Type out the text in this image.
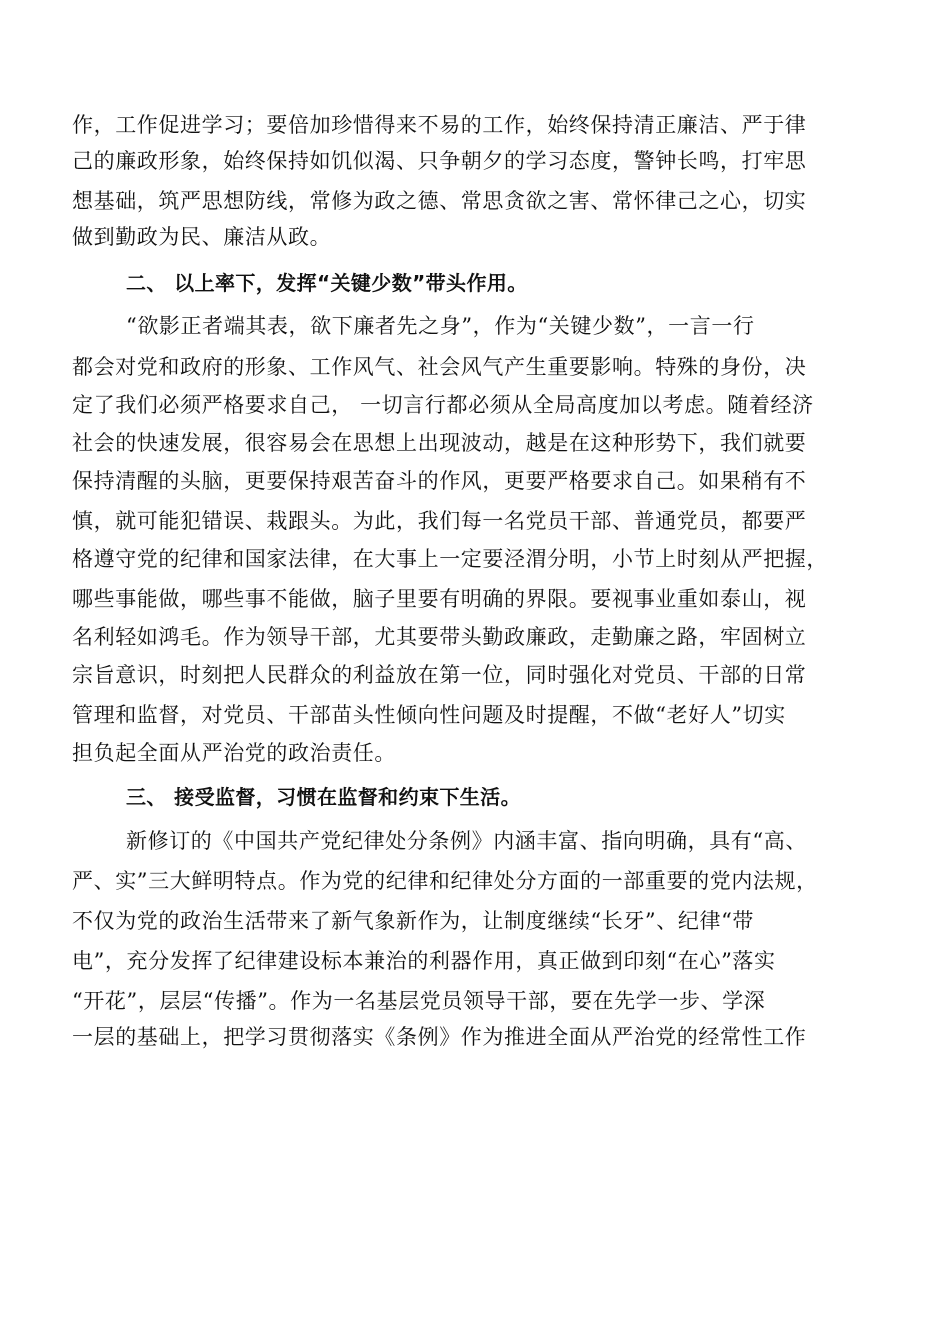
作，工作促进学习；要倍加珍惜得来不易的工作，始终保持清正廉洁、严于律
己的廉政形象，始终保持如饥似渴、只争朝夕的学习态度，警钟长鸣，打牢思
想基础，筑严思想防线，常修为政之德、常思贪欲之害、常怀律己之心，切实
做到勤政为民、廉洁从政。
二、 以上率下，发挥“关键少数”带头作用。
“欲影正者端其表，欲下廉者先之身”，作为“关键少数”，一言一行
都会对党和政府的形象、工作风气、社会风气产生重要影响。特殊的身份，决
定了我们必须严格要求自己， 一切言行都必须从全局高度加以考虑。随着经济
社会的快速发展，很容易会在思想上出现波动，越是在这种形势下，我们就要
保持清醒的头脑，更要保持艰苦奋斗的作风，更要严格要求自己。如果稍有不
慎，就可能犯错误、栽跟头。为此，我们每一名党员干部、普通党员，都要严
格遵守党的纪律和国家法律，在大事上一定要泾渭分明，小节上时刻从严把握，
哪些事能做，哪些事不能做，脑子里要有明确的界限。要视事业重如泰山，视
名利轻如鸿毛。作为领导干部，尤其要带头勤政廉政，走勤廉之路，牢固树立
宗旨意识，时刻把人民群众的利益放在第一位，同时强化对党员、干部的日常
管理和监督，对党员、干部苗头性倾向性问题及时提醒，不做“老好人”切实
担负起全面从严治党的政治责任。
三、 接受监督，习惯在监督和约束下生活。
新修订的《中国共产党纪律处分条例》内涵丰富、指向明确，具有“高、
严、实”三大鲜明特点。作为党的纪律和纪律处分方面的一部重要的党内法规，
不仅为党的政治生活带来了新气象新作为，让制度继续“长牙”、纪律“带
电”，充分发挥了纪律建设标本兼治的利器作用，真正做到印刻“在心”落实
“开花”，层层“传播”。作为一名基层党员领导干部，要在先学一步、学深
一层的基础上，把学习贯彻落实《条例》作为推进全面从严治党的经常性工作
